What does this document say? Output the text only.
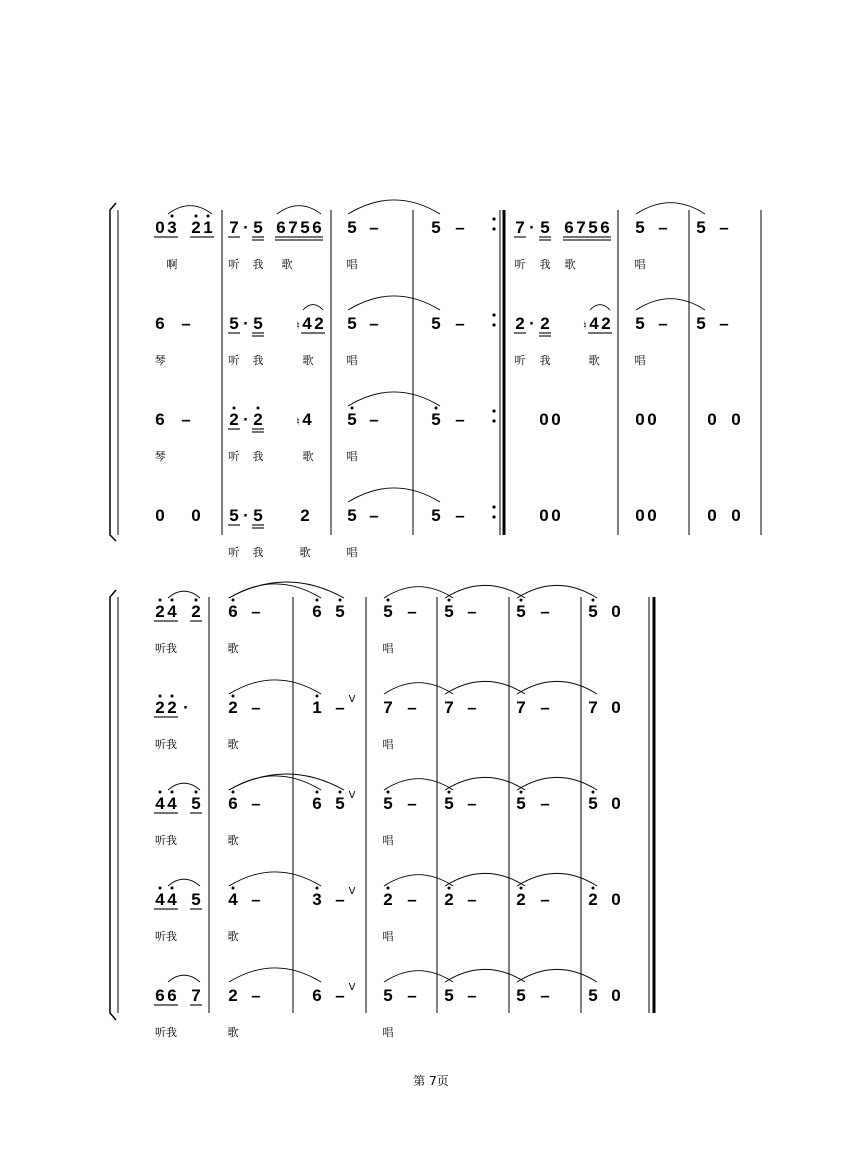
0 3 2 1 7 · 5 6 7 5 6 5 –	5 –	7 · 5 6 7 5 6 5 – 5 –
啊	听 我 歌	唱	听 我 歌	唱
6 – 5 · 5	♮ 4 2 5 –	5 –	2 · 2	♮ 4 2 5 – 5 –
琴	听 我	歌	唱	听 我	歌	唱
6 – 2 · 2	♮ 4 5 –	5 –	0 0	0 0	0 0
琴	听 我	歌	唱
0 0 5 · 5 2 5 –	5 –	0 0	0 0	0 0
听 我	歌	唱
2 4 2 6 –	6 5 5 – 5 – 5 – 5 0
听我	歌	唱
2 2 · 2 –	1 – 7 – 7 – 7 – 7 0
听我	歌	唱
V
4 4 5 6 –	6 5 5 – 5 – 5 – 5 0
听我	歌	唱
V
4 4 5 4 –	3 – 2 – 2 – 2 – 2 0
听我	歌	唱
V
6 6 7 2 –	6 – 5 – 5 – 5 – 5 0
听我	歌	唱
V
第 7页
